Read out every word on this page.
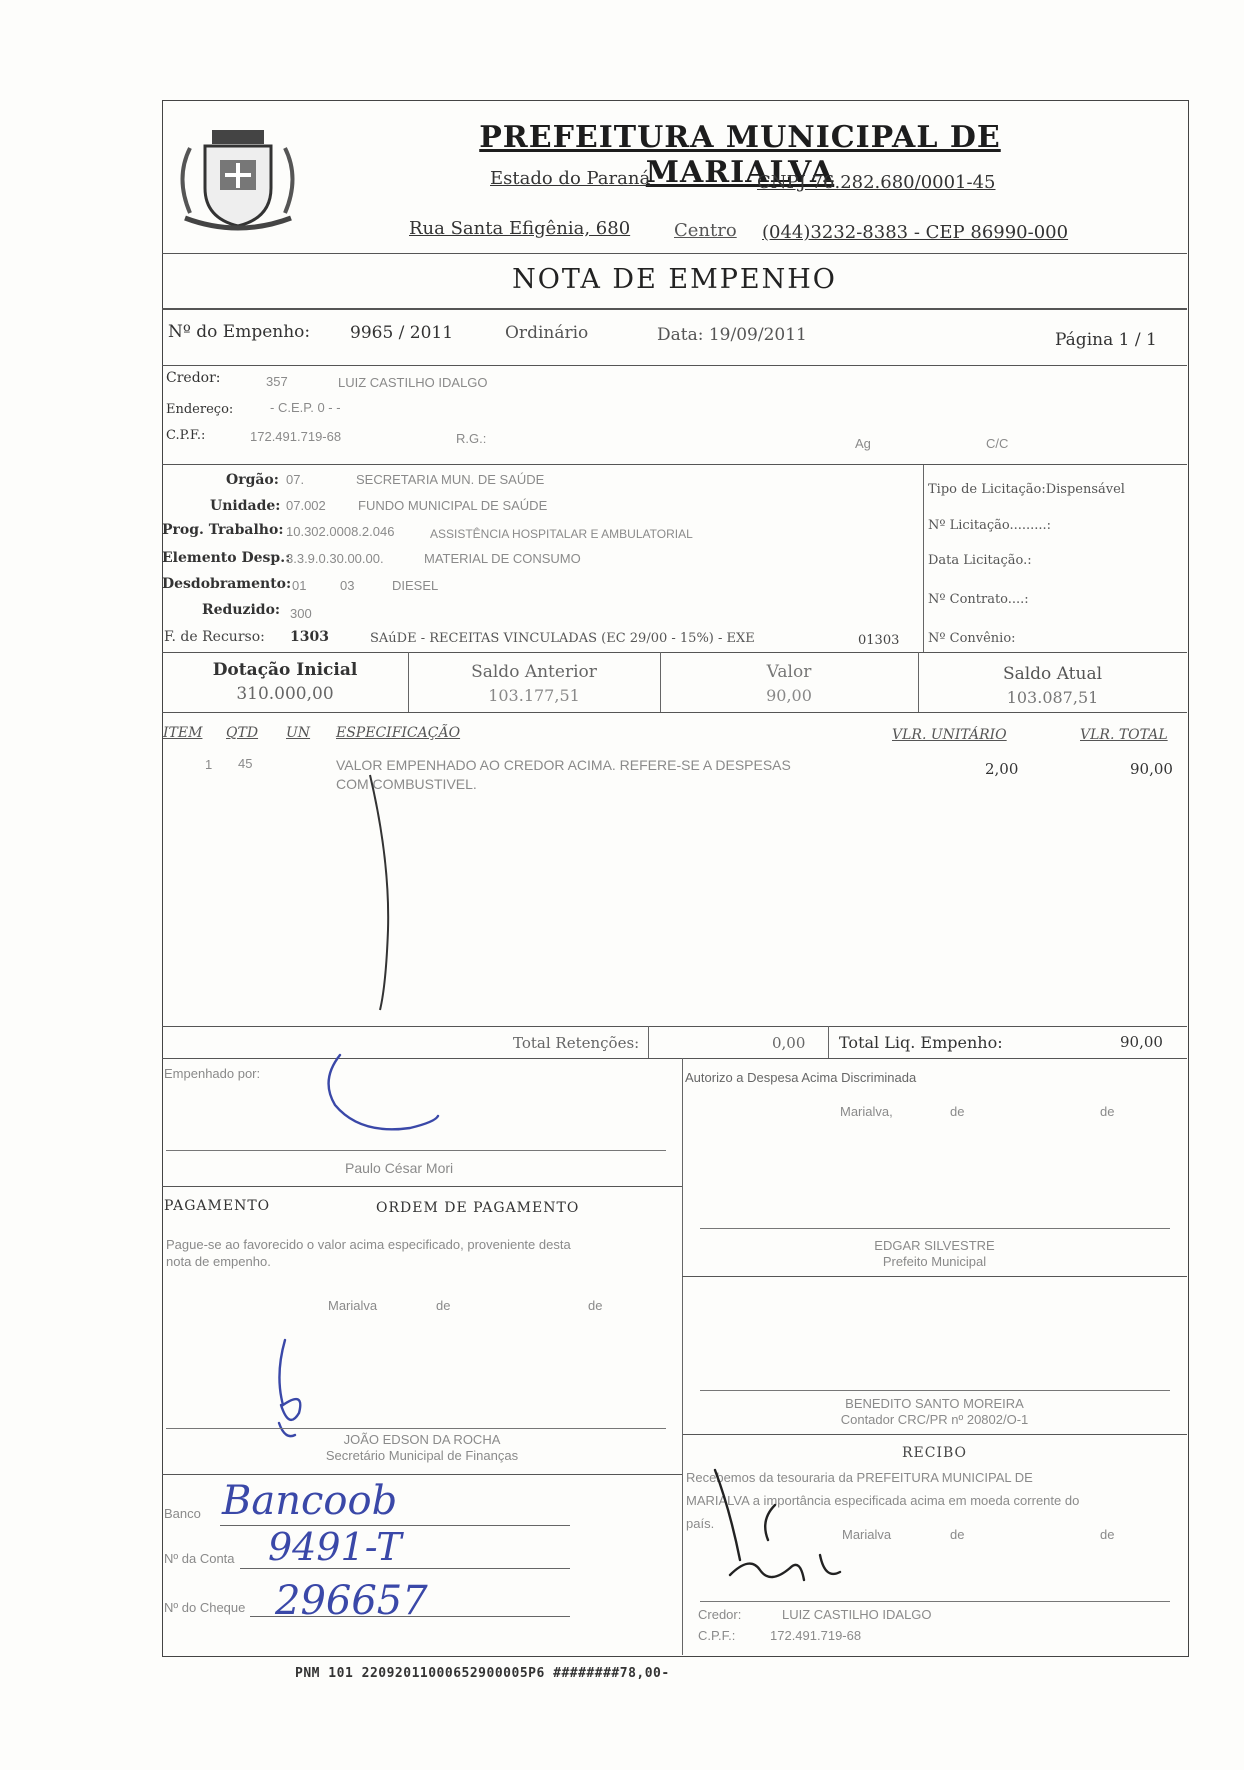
PREFEITURA MUNICIPAL DE MARIALVA
Estado do Paraná	CNPJ 76.282.680/0001-45
Rua Santa Efigênia, 680 Centro (044)3232-8383 - CEP 86990-000
NOTA DE EMPENHO
Nº do Empenho: 9965 / 2011	Ordinário	Data: 19/09/2011	Página 1 / 1
Credor:	357	LUIZ CASTILHO IDALGO
Endereço:	- C.E.P. 0 - -
C.P.F.:	172.491.719-68	R.G.:	Ag	C/C
Orgão: 07.	SECRETARIA MUN. DE SAÚDE
Unidade: 07.002 FUNDO MUNICIPAL DE SAÚDE
Prog. Trabalho: 10.302.0008.2.046	ASSISTÊNCIA HOSPITALAR E AMBULATORIAL
Elemento Desp.:
3.3.9.0.30.00.00.	MATERIAL DE CONSUMO
Desdobramento: 01	03	DIESEL
Reduzido: 300
F. de Recurso: 1303	SAúDE - RECEITAS VINCULADAS (EC 29/00 - 15%) - EXE	01303
Tipo de Licitação:Dispensável
Nº Licitação.........:
Data Licitação.:
Nº Contrato....:
Nº Convênio:
Dotação Inicial
310.000,00
Saldo Anterior
103.177,51
Valor
90,00
Saldo Atual
103.087,51
ITEM QTD UN ESPECIFICAÇÃO	VLR. UNITÁRIO	VLR. TOTAL
1 45	VALOR EMPENHADO AO CREDOR ACIMA. REFERE-SE A DESPESAS
COM COMBUSTIVEL.
2,00	90,00
Total Retenções:	0,00 Total Liq. Empenho:	90,00
Empenhado por:
Paulo César Mori
Autorizo a Despesa Acima Discriminada
Marialva,	de	de
EDGAR SILVESTRE
Prefeito Municipal
PAGAMENTO	ORDEM DE PAGAMENTO
Pague-se ao favorecido o valor acima especificado, proveniente desta
nota de empenho.
Marialva	de	de
JOÃO EDSON DA ROCHA
Secretário Municipal de Finanças
BENEDITO SANTO MOREIRA
Contador CRC/PR nº 20802/O-1
RECIBO
Recebemos da tesouraria da PREFEITURA MUNICIPAL DE
MARIALVA a importância especificada acima em moeda corrente do
país.
Marialva	de	de
Credor:	LUIZ CASTILHO IDALGO
C.P.F.:	172.491.719-68
Banco Bancoob
Nº da Conta 9491-T
Nº do Cheque 296657
PNM 101 22092011000652900005P6 ########78,00-
